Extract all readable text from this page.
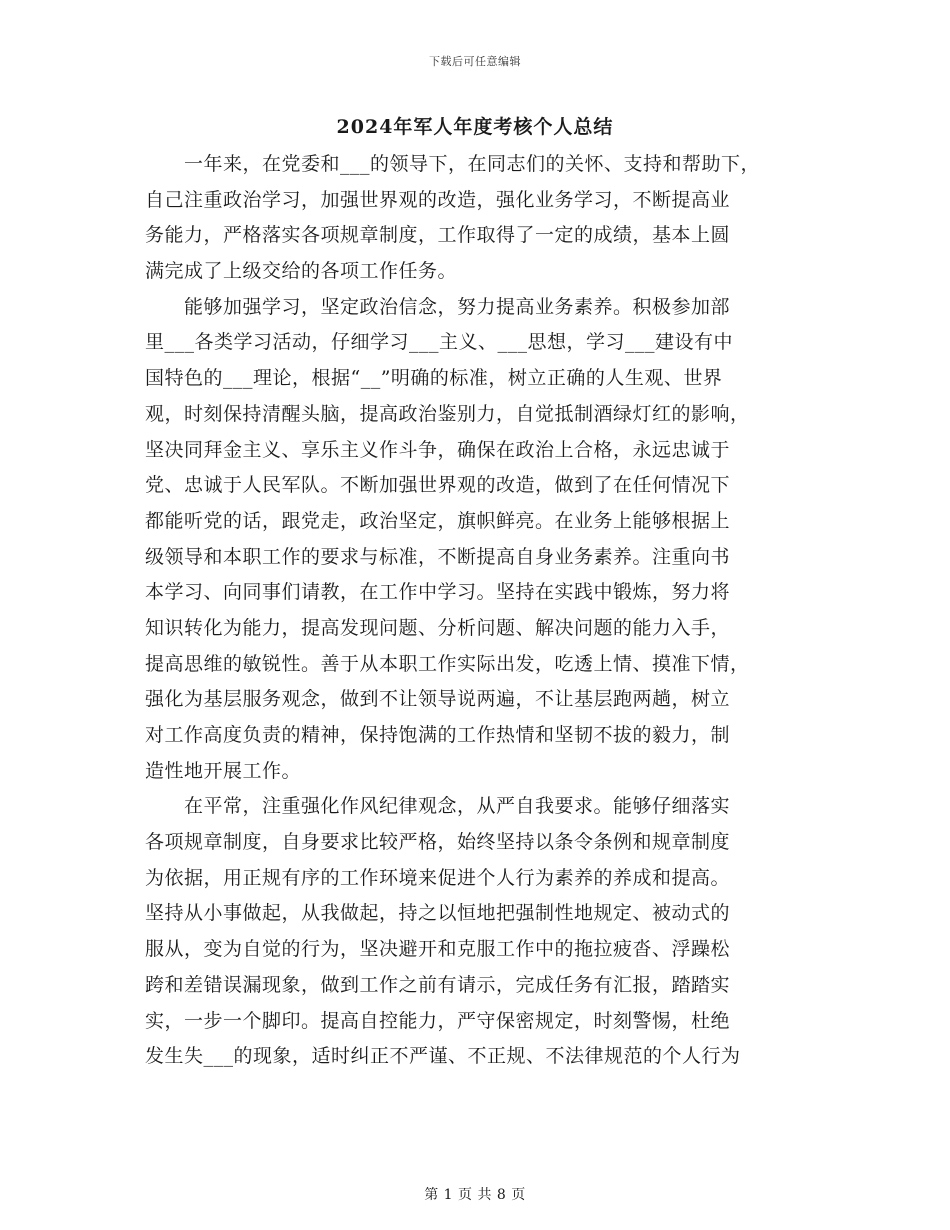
下载后可任意编辑
2024年军人年度考核个人总结
　　一年来，在党委和___的领导下，在同志们的关怀、支持和帮助下，
自己注重政治学习，加强世界观的改造，强化业务学习，不断提高业
务能力，严格落实各项规章制度，工作取得了一定的成绩，基本上圆
满完成了上级交给的各项工作任务。
　　能够加强学习，坚定政治信念，努力提高业务素养。积极参加部
里___各类学习活动，仔细学习___主义、___思想，学习___建设有中
国特色的___理论，根据“__”明确的标准，树立正确的人生观、世界
观，时刻保持清醒头脑，提高政治鉴别力，自觉抵制酒绿灯红的影响，
坚决同拜金主义、享乐主义作斗争，确保在政治上合格，永远忠诚于
党、忠诚于人民军队。不断加强世界观的改造，做到了在任何情况下
都能听党的话，跟党走，政治坚定，旗帜鲜亮。在业务上能够根据上
级领导和本职工作的要求与标准，不断提高自身业务素养。注重向书
本学习、向同事们请教，在工作中学习。坚持在实践中锻炼，努力将
知识转化为能力，提高发现问题、分析问题、解决问题的能力入手，
提高思维的敏锐性。善于从本职工作实际出发，吃透上情、摸准下情，
强化为基层服务观念，做到不让领导说两遍，不让基层跑两趟，树立
对工作高度负责的精神，保持饱满的工作热情和坚韧不拔的毅力，制
造性地开展工作。
　　在平常，注重强化作风纪律观念，从严自我要求。能够仔细落实
各项规章制度，自身要求比较严格，始终坚持以条令条例和规章制度
为依据，用正规有序的工作环境来促进个人行为素养的养成和提高。
坚持从小事做起，从我做起，持之以恒地把强制性地规定、被动式的
服从，变为自觉的行为，坚决避开和克服工作中的拖拉疲沓、浮躁松
跨和差错误漏现象，做到工作之前有请示，完成任务有汇报，踏踏实
实，一步一个脚印。提高自控能力，严守保密规定，时刻警惕，杜绝
发生失___的现象，适时纠正不严谨、不正规、不法律规范的个人行为
第 1 页 共 8 页
